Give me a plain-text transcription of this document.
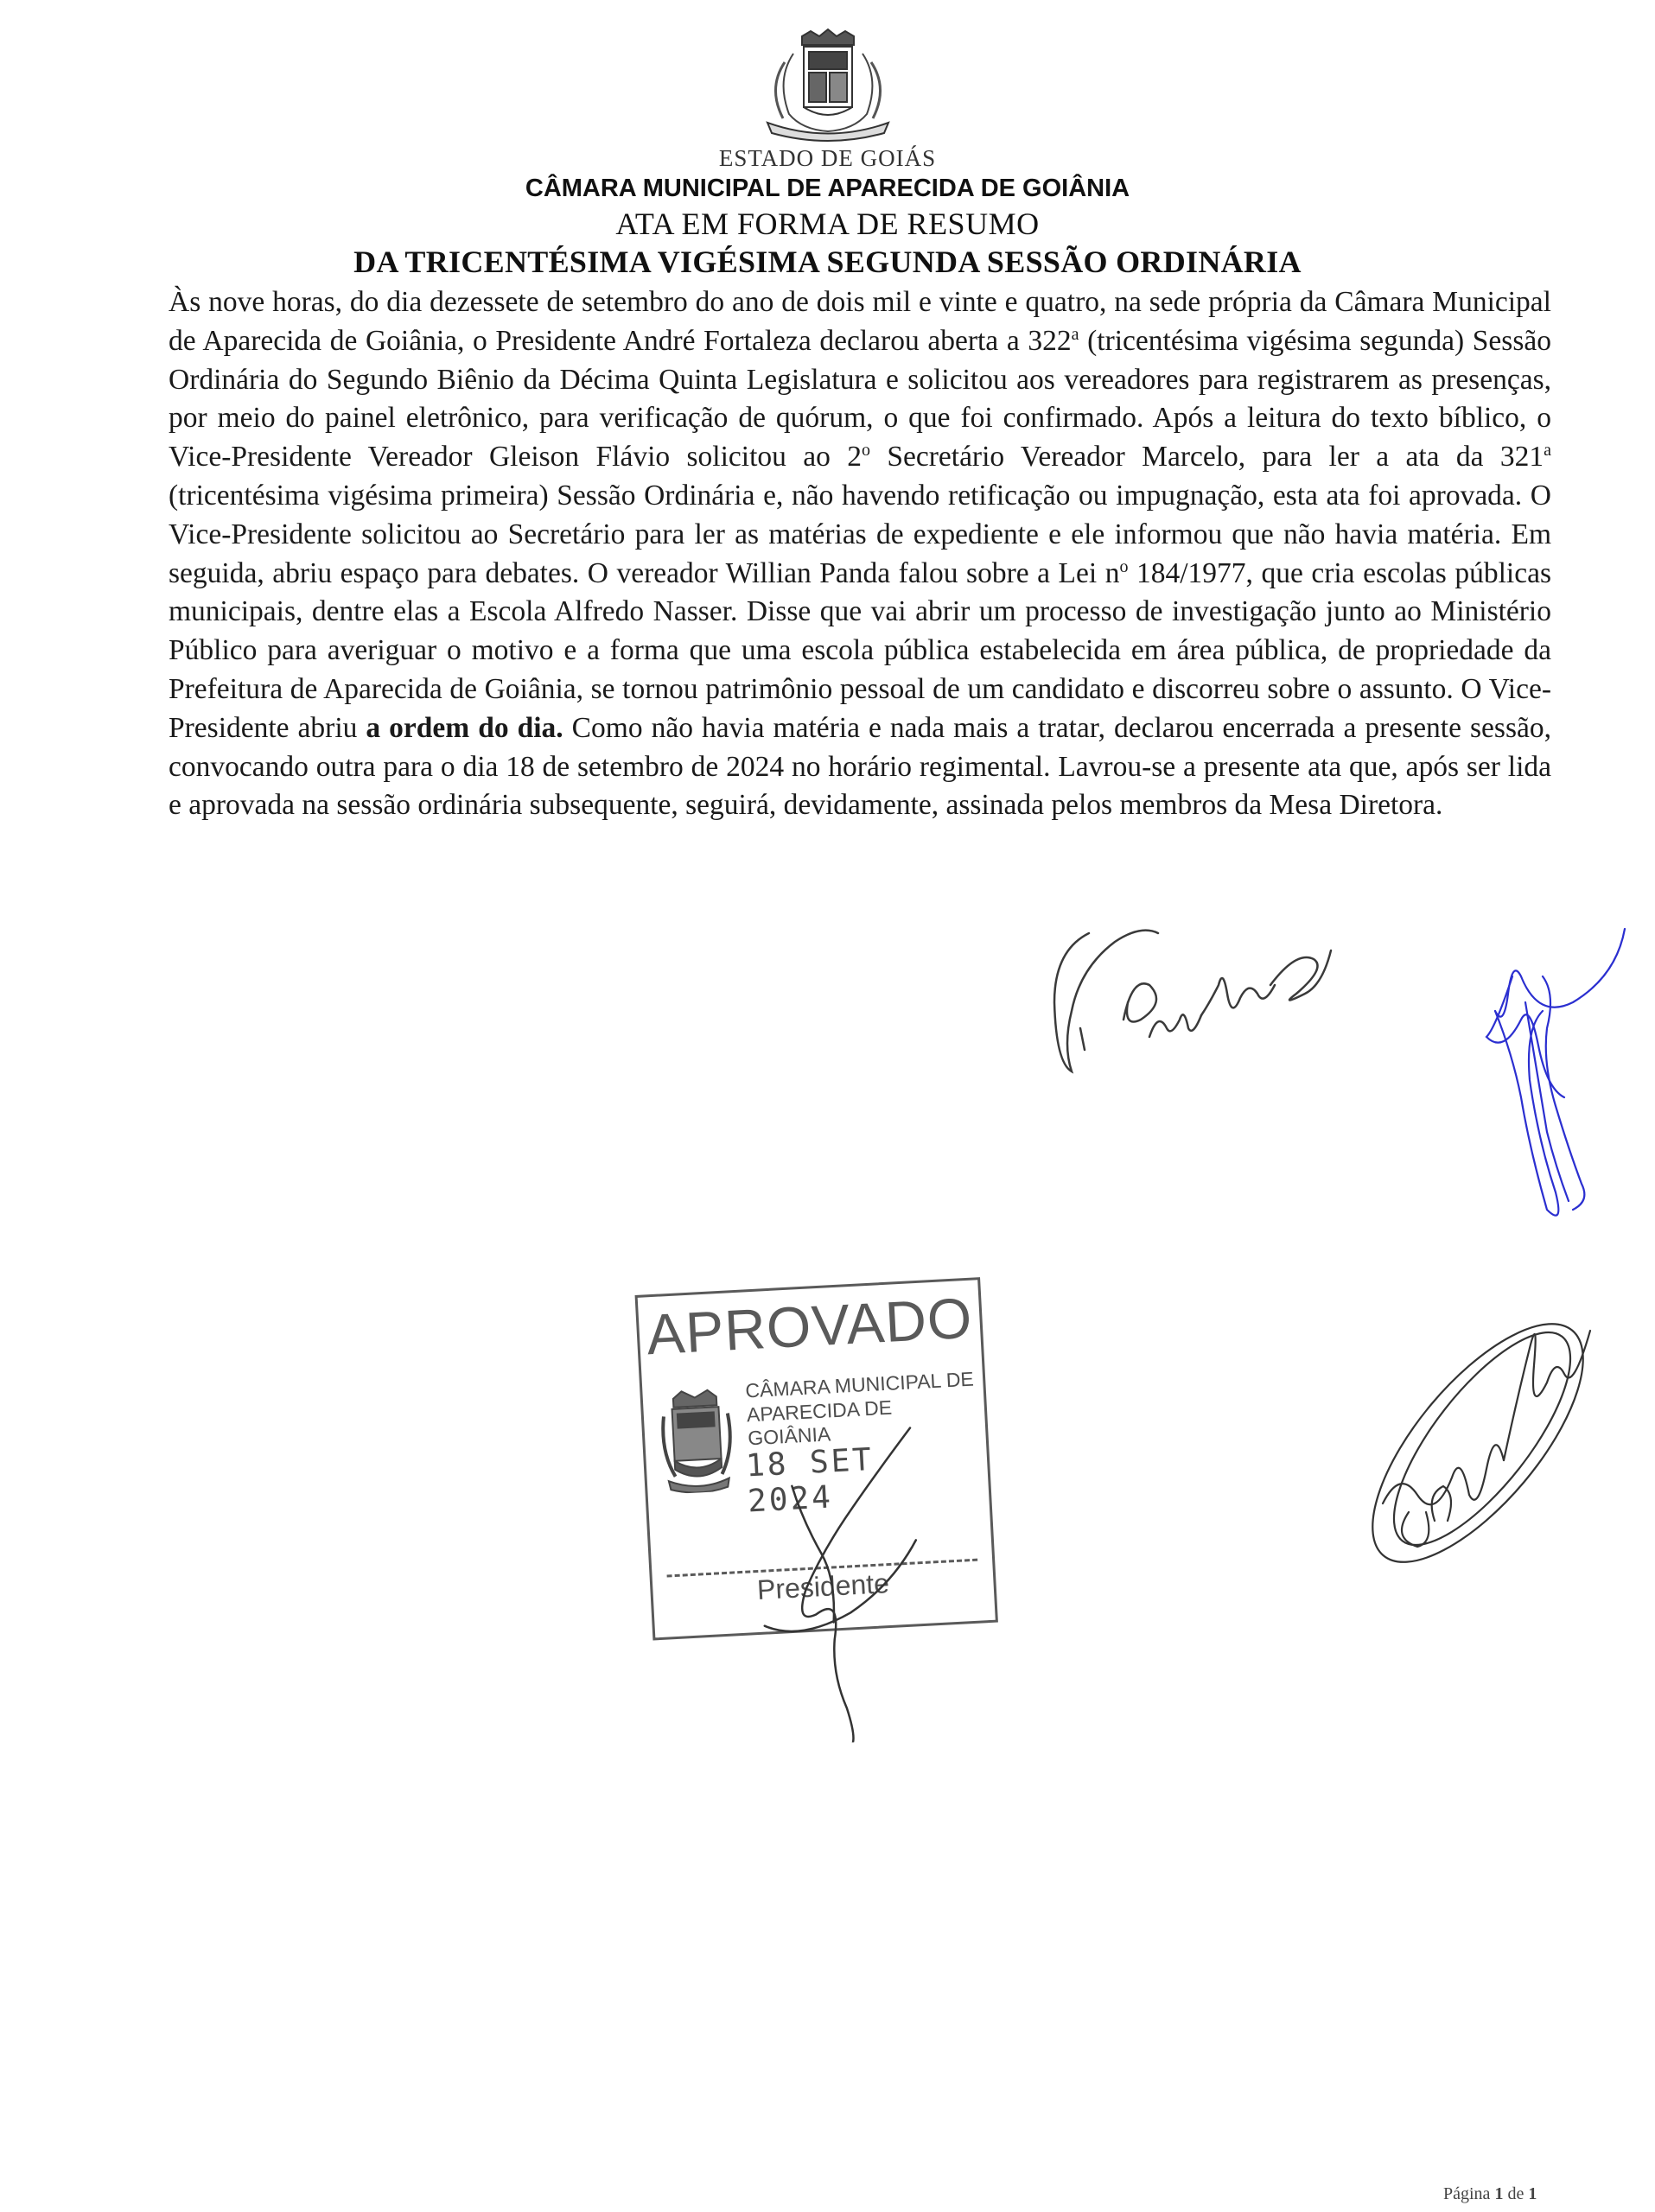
ESTADO DE GOIÁS
CÂMARA MUNICIPAL DE APARECIDA DE GOIÂNIA
ATA EM FORMA DE RESUMO
DA TRICENTÉSIMA VIGÉSIMA SEGUNDA SESSÃO ORDINÁRIA

Às nove horas, do dia dezessete de setembro do ano de dois mil e vinte e quatro, na sede própria da Câmara Municipal de Aparecida de Goiânia, o Presidente André Fortaleza declarou aberta a 322$^a$ (tricentésima vigésima segunda) Sessão Ordinária do Segundo Biênio da Décima Quinta Legislatura e solicitou aos vereadores para registrarem as presenças, por meio do painel eletrônico, para verificação de quórum, o que foi confirmado. Após a leitura do texto bíblico, o Vice-Presidente Vereador Gleison Flávio solicitou ao 2$^o$ Secretário Vereador Marcelo, para ler a ata da 321$^a$ (tricentésima vigésima primeira) Sessão Ordinária e, não havendo retificação ou impugnação, esta ata foi aprovada. O Vice-Presidente solicitou ao Secretário para ler as matérias de expediente e ele informou que não havia matéria. Em seguida, abriu espaço para debates. O vereador Willian Panda falou sobre a Lei $n^o$ 184/1977, que cria escolas públicas municipais, dentre elas a Escola Alfredo Nasser. Disse que vai abrir um processo de investigação junto ao Ministério Público para averiguar o motivo e a forma que uma escola pública estabelecida em área pública, de propriedade da Prefeitura de Aparecida de Goiânia, se tornou patrimônio pessoal de um candidato e discorreu sobre o assunto. O Vice-Presidente abriu a ordem do dia. Como não havia matéria e nada mais a tratar, declarou encerrada a presente sessão, convocando outra para o dia 18 de setembro de 2024 no horário regimental. Lavrou-se a presente ata que, após ser lida e aprovada na sessão ordinária subsequente, seguirá, devidamente, assinada pelos membros da Mesa Diretora.

APROVADO
CÂMARA MUNICIPAL DE
APARECIDA DE GOIÂNIA
18 SET 2024
Presidente
Página 1 de 1
